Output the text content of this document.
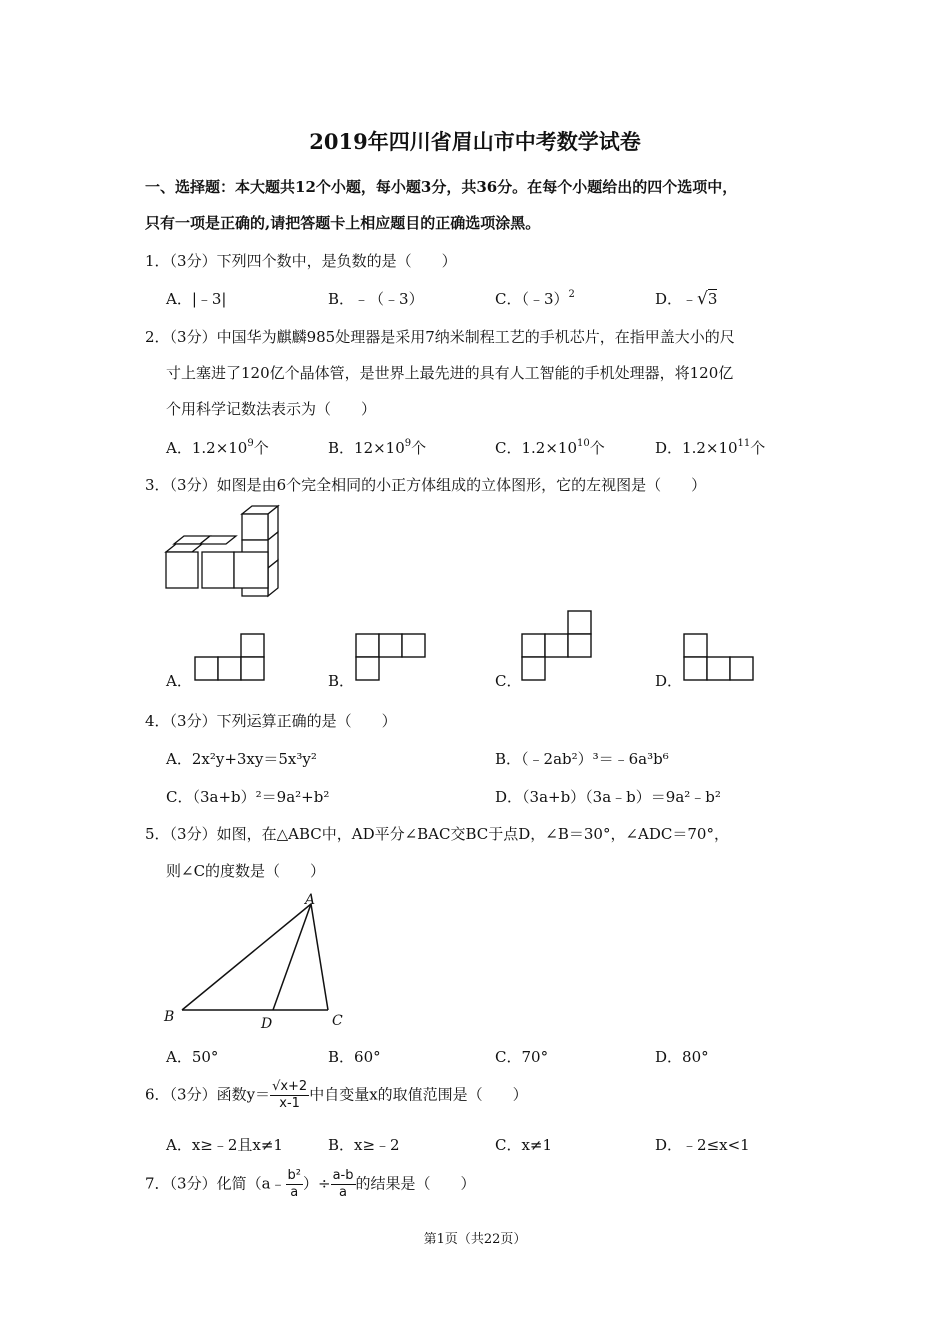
2019年四川省眉山市中考数学试卷
一、选择题：本大题共12个小题，每小题3分，共36分。在每个小题给出的四个选项中，
只有一项是正确的,请把答题卡上相应题目的正确选项涂黑。
1．（3分）下列四个数中，是负数的是（　　）
A．|﹣3|	B．﹣（﹣3）	C．（﹣3）$^2$	D．﹣√3
2．（3分）中国华为麒麟985处理器是采用7纳米制程工艺的手机芯片，在指甲盖大小的尺
寸上塞进了120亿个晶体管，是世界上最先进的具有人工智能的手机处理器，将120亿
个用科学记数法表示为（　　）
A．$1.2\times 10^9$个	B．$12\times 10^9$个	C．$1.2\times 10^{10}$个	D．$1.2\times 10^{11}$个
3．（3分）如图是由6个完全相同的小正方体组成的立体图形，它的左视图是（　　）
A．	B．	C．	D．
4．（3分）下列运算正确的是（　　）
A．2x²y+3xy＝5x³y²	B．（﹣2ab²）³＝﹣6a³b⁶
C．（3a+b）²＝9a²+b²	D．（3a+b）（3a﹣b）＝9a²﹣b²
5．（3分）如图，在△ABC中，AD平分∠BAC交BC于点D，∠B＝30°，∠ADC＝70°，
则∠C的度数是（　　）
A
B	C
D
A．50°	B．60°	C．70°	D．80°
6．（3分）函数$y= \frac{√x+2}{x-1}$ 中自变量x的取值范围是（　　）
A．x≥﹣2且x≠1	B．x≥﹣2	C．x≠1	D．﹣2≤x<1
7．（3分）化简（a﹣ $\frac{\text{b²}}{a}$ ）÷ $\frac{a-b}{a}$ 的结果是（　　）
第1页（共22页）
